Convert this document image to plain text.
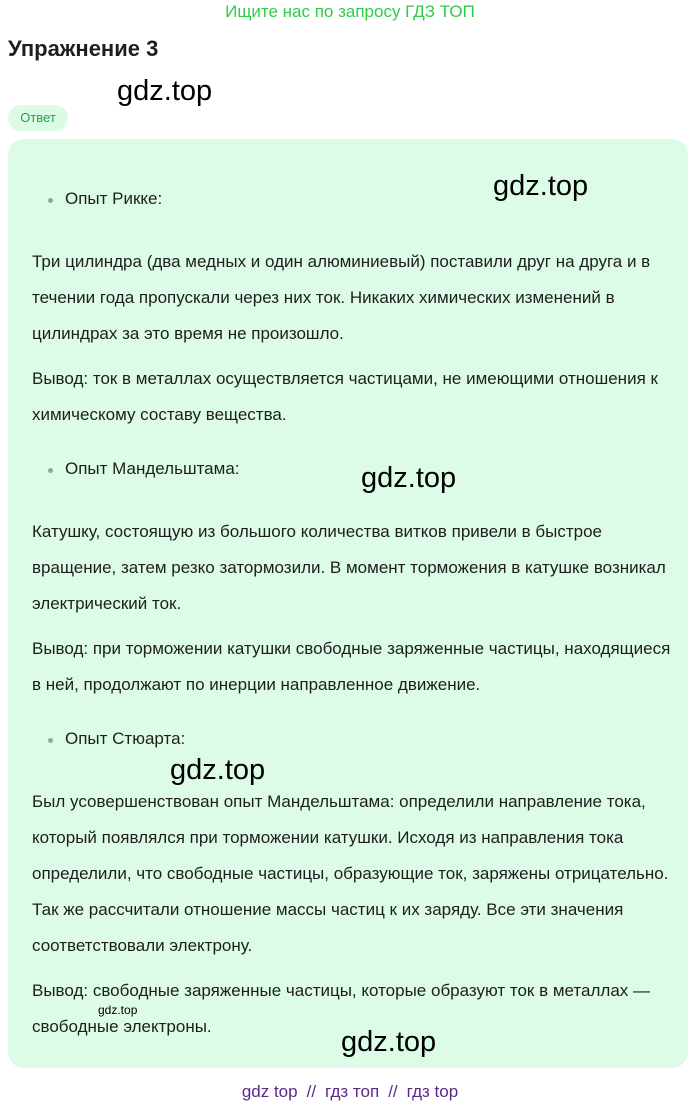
Ищите нас по запросу ГДЗ ТОП
Упражнение 3
gdz.top
Ответ
Опыт Рикке:	gdz.top

Три цилиндра (два медных и один алюминиевый) поставили друг на друга и в течении года пропускали через них ток. Никаких химических изменений в цилиндрах за это время не произошло.

Вывод: ток в металлах осуществляется частицами, не имеющими отношения к химическому составу вещества.

Опыт Мандельштама:	gdz.top

Катушку, состоящую из большого количества витков привели в быстрое вращение, затем резко затормозили. В момент торможения в катушке возникал электрический ток.

Вывод: при торможении катушки свободные заряженные частицы, находящиеся в ней, продолжают по инерции направленное движение.

Опыт Стюарта:
gdz.top

Был усовершенствован опыт Мандельштама: определили направление тока, который появлялся при торможении катушки. Исходя из направления тока определили, что свободные частицы, образующие ток, заряжены отрицательно. Так же рассчитали отношение массы частиц к их заряду. Все эти значения соответствовали электрону.

Вывод: свободные заряженные частицы, которые образуют ток в металлах — свободные электроны.

gdz.top
gdz.top
gdz top // гдз топ // гдз top
